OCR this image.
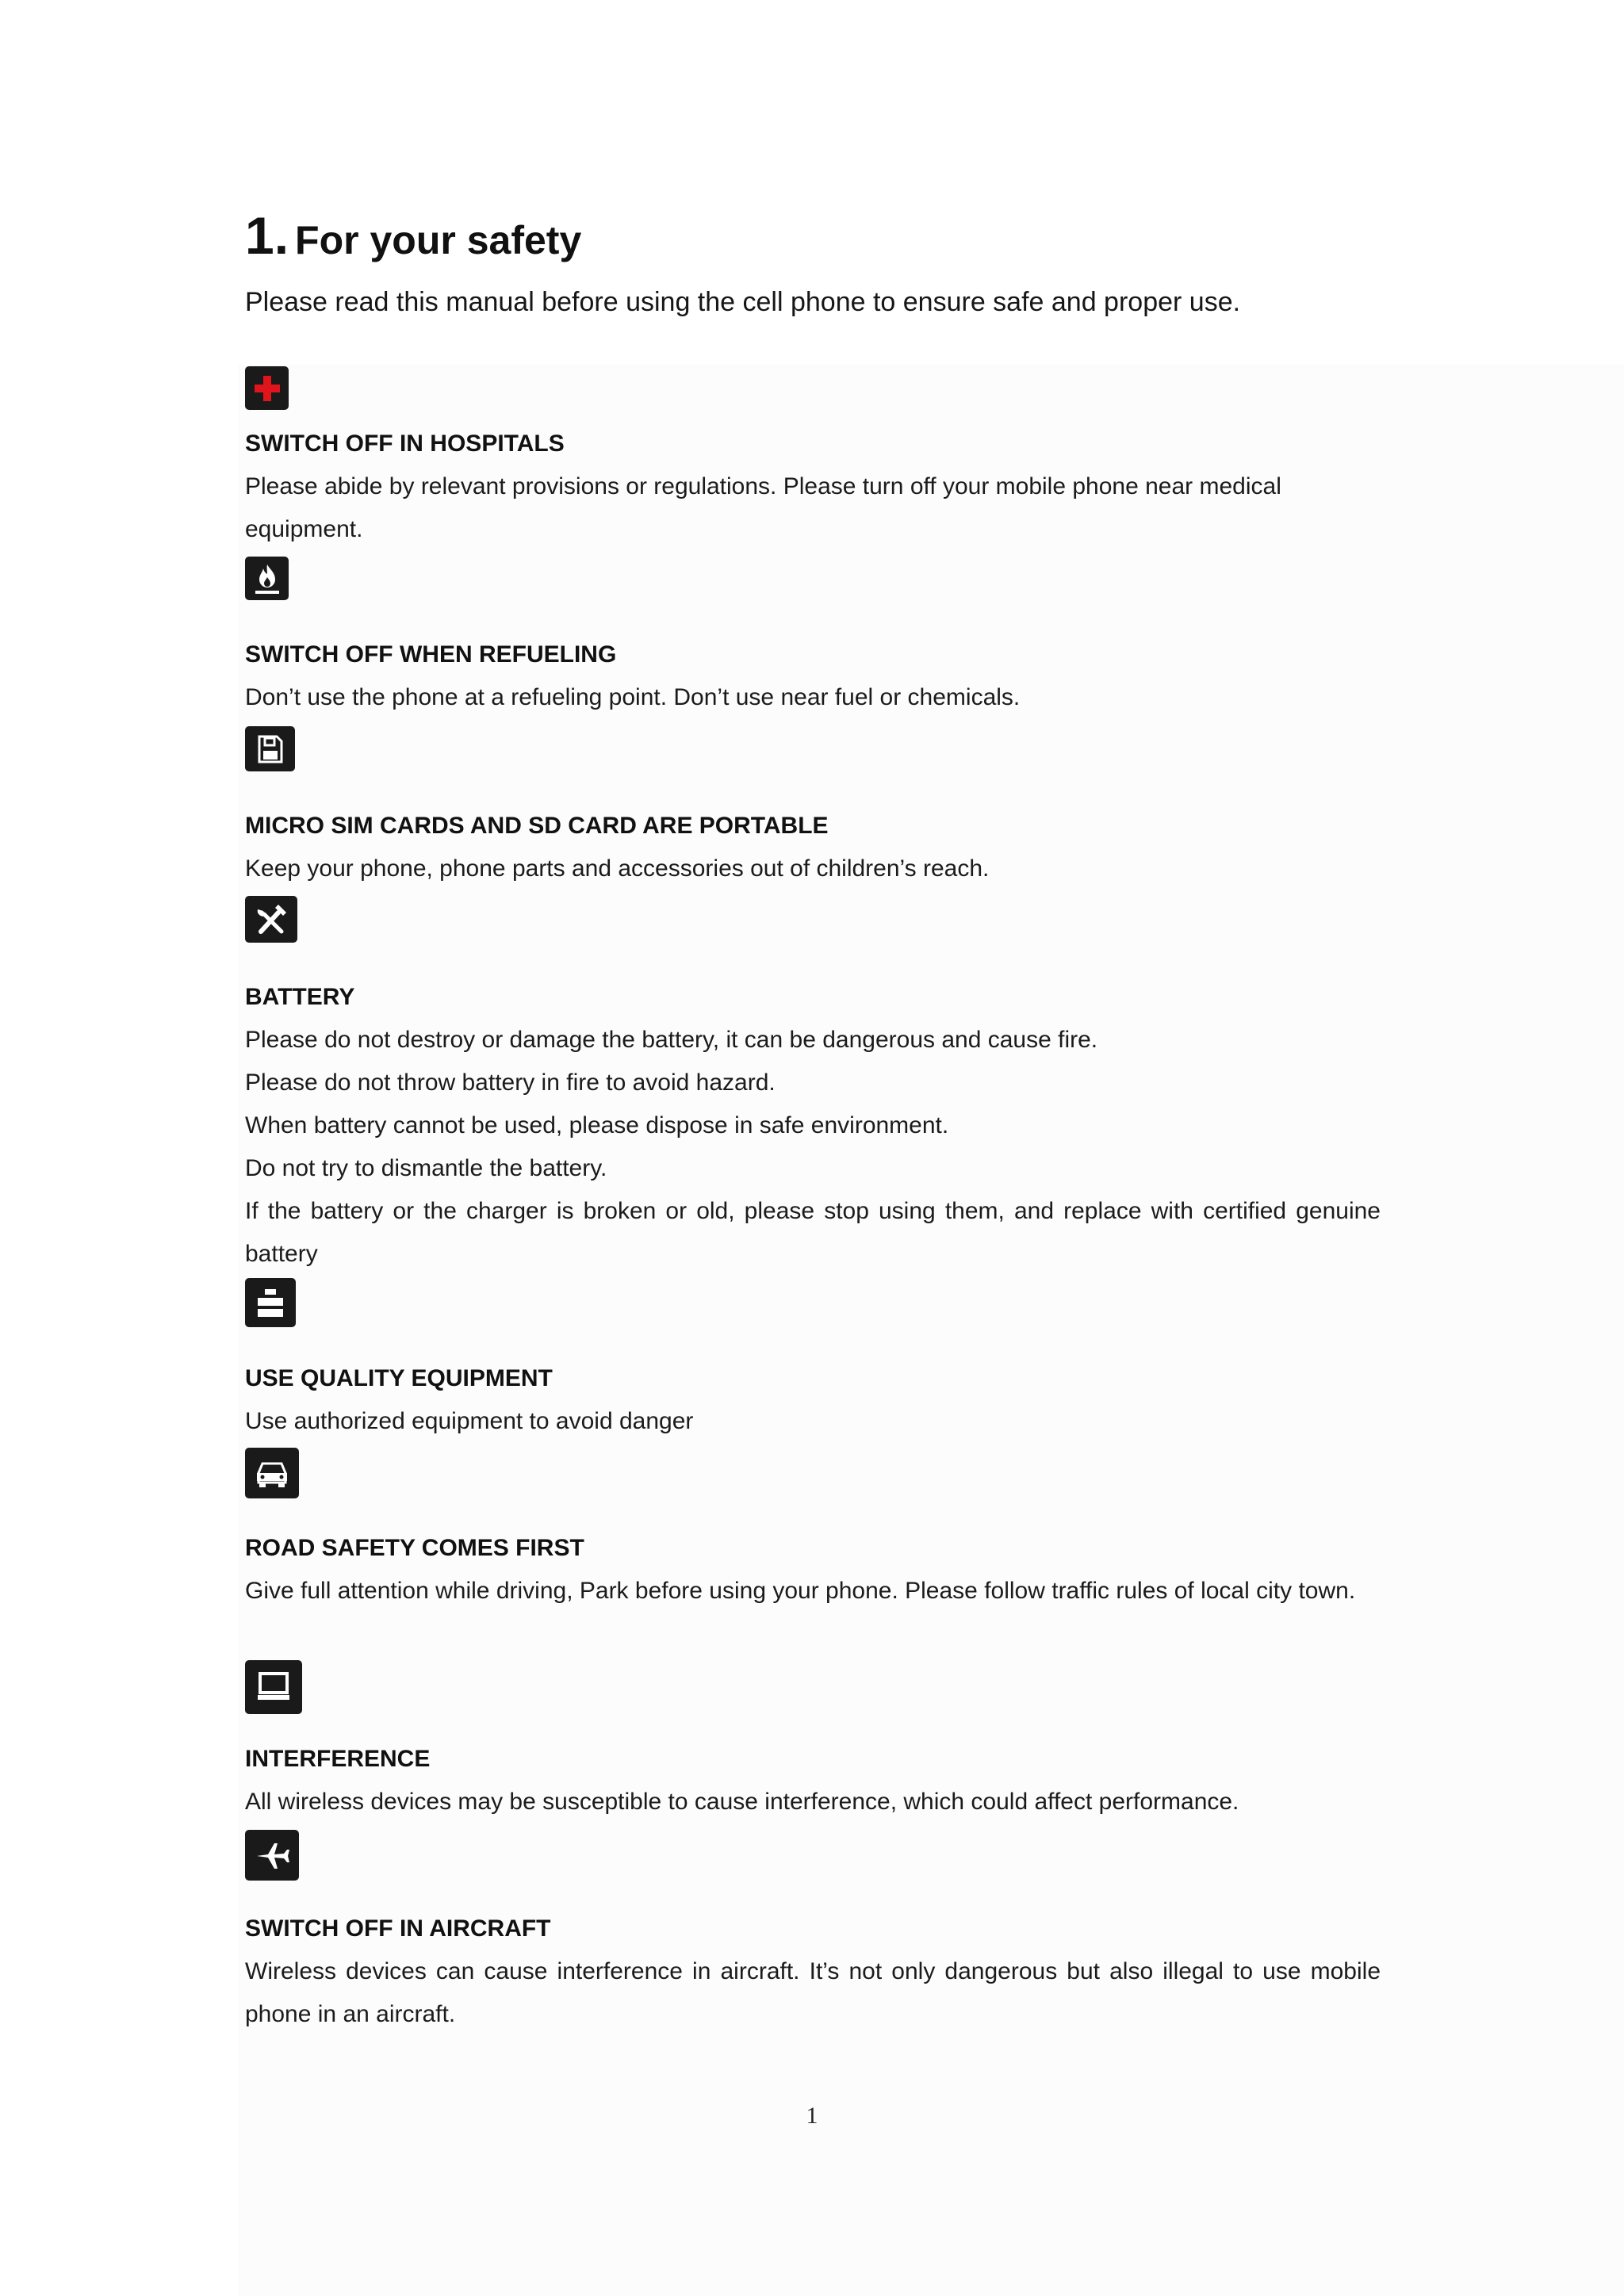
1. For your safety

Please read this manual before using the cell phone to ensure safe and proper use.

SWITCH OFF IN HOSPITALS

Please abide by relevant provisions or regulations. Please turn off your mobile phone near medical equipment.

SWITCH OFF WHEN REFUELING

Don’t use the phone at a refueling point. Don’t use near fuel or chemicals.

MICRO SIM CARDS AND SD CARD ARE PORTABLE

Keep your phone, phone parts and accessories out of children’s reach.

BATTERY

Please do not destroy or damage the battery, it can be dangerous and cause fire.

Please do not throw battery in fire to avoid hazard.

When battery cannot be used, please dispose in safe environment.

Do not try to dismantle the battery.

If the battery or the charger is broken or old, please stop using them, and replace with certified genuine battery

USE QUALITY EQUIPMENT

Use authorized equipment to avoid danger

ROAD SAFETY COMES FIRST

Give full attention while driving, Park before using your phone. Please follow traffic rules of local city town.

INTERFERENCE

All wireless devices may be susceptible to cause interference, which could affect performance.

SWITCH OFF IN AIRCRAFT

Wireless devices can cause interference in aircraft. It’s not only dangerous but also illegal to use mobile phone in an aircraft.

1
